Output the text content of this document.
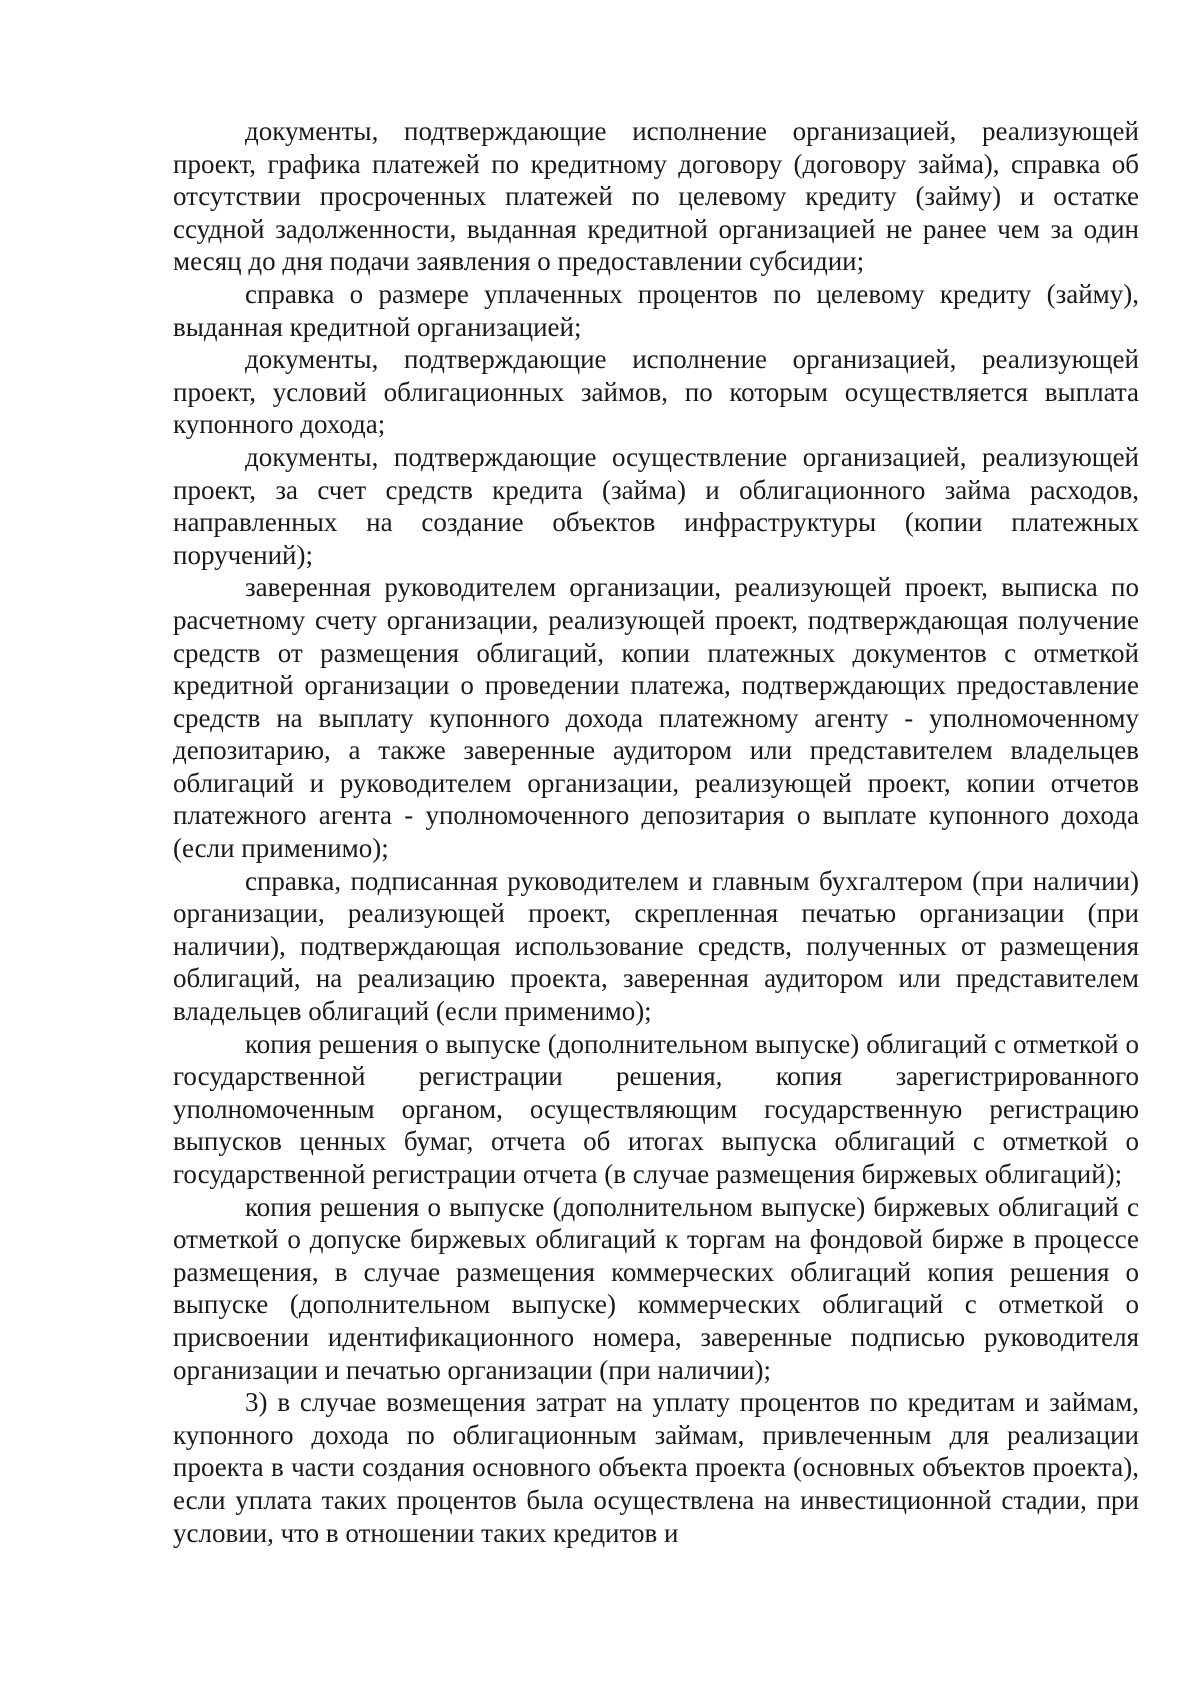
документы, подтверждающие исполнение организацией, реализующей проект, графика платежей по кредитному договору (договору займа), справка об отсутствии просроченных платежей по целевому кредиту (займу) и остатке ссудной задолженности, выданная кредитной организацией не ранее чем за один месяц до дня подачи заявления о предоставлении субсидии;

справка о размере уплаченных процентов по целевому кредиту (займу), выданная кредитной организацией;

документы, подтверждающие исполнение организацией, реализующей проект, условий облигационных займов, по которым осуществляется выплата купонного дохода;

документы, подтверждающие осуществление организацией, реализующей проект, за счет средств кредита (займа) и облигационного займа расходов, направленных на создание объектов инфраструктуры (копии платежных поручений);

заверенная руководителем организации, реализующей проект, выписка по расчетному счету организации, реализующей проект, подтверждающая получение средств от размещения облигаций, копии платежных документов с отметкой кредитной организации о проведении платежа, подтверждающих предоставление средств на выплату купонного дохода платежному агенту - уполномоченному депозитарию, а также заверенные аудитором или представителем владельцев облигаций и руководителем организации, реализующей проект, копии отчетов платежного агента - уполномоченного депозитария о выплате купонного дохода (если применимо);

справка, подписанная руководителем и главным бухгалтером (при наличии) организации, реализующей проект, скрепленная печатью организации (при наличии), подтверждающая использование средств, полученных от размещения облигаций, на реализацию проекта, заверенная аудитором или представителем владельцев облигаций (если применимо);

копия решения о выпуске (дополнительном выпуске) облигаций с отметкой о государственной регистрации решения, копия зарегистрированного уполномоченным органом, осуществляющим государственную регистрацию выпусков ценных бумаг, отчета об итогах выпуска облигаций с отметкой о государственной регистрации отчета (в случае размещения биржевых облигаций);

копия решения о выпуске (дополнительном выпуске) биржевых облигаций с отметкой о допуске биржевых облигаций к торгам на фондовой бирже в процессе размещения, в случае размещения коммерческих облигаций копия решения о выпуске (дополнительном выпуске) коммерческих облигаций с отметкой о присвоении идентификационного номера, заверенные подписью руководителя организации и печатью организации (при наличии);

3) в случае возмещения затрат на уплату процентов по кредитам и займам, купонного дохода по облигационным займам, привлеченным для реализации проекта в части создания основного объекта проекта (основных объектов проекта), если уплата таких процентов была осуществлена на инвестиционной стадии, при условии, что в отношении таких кредитов и
